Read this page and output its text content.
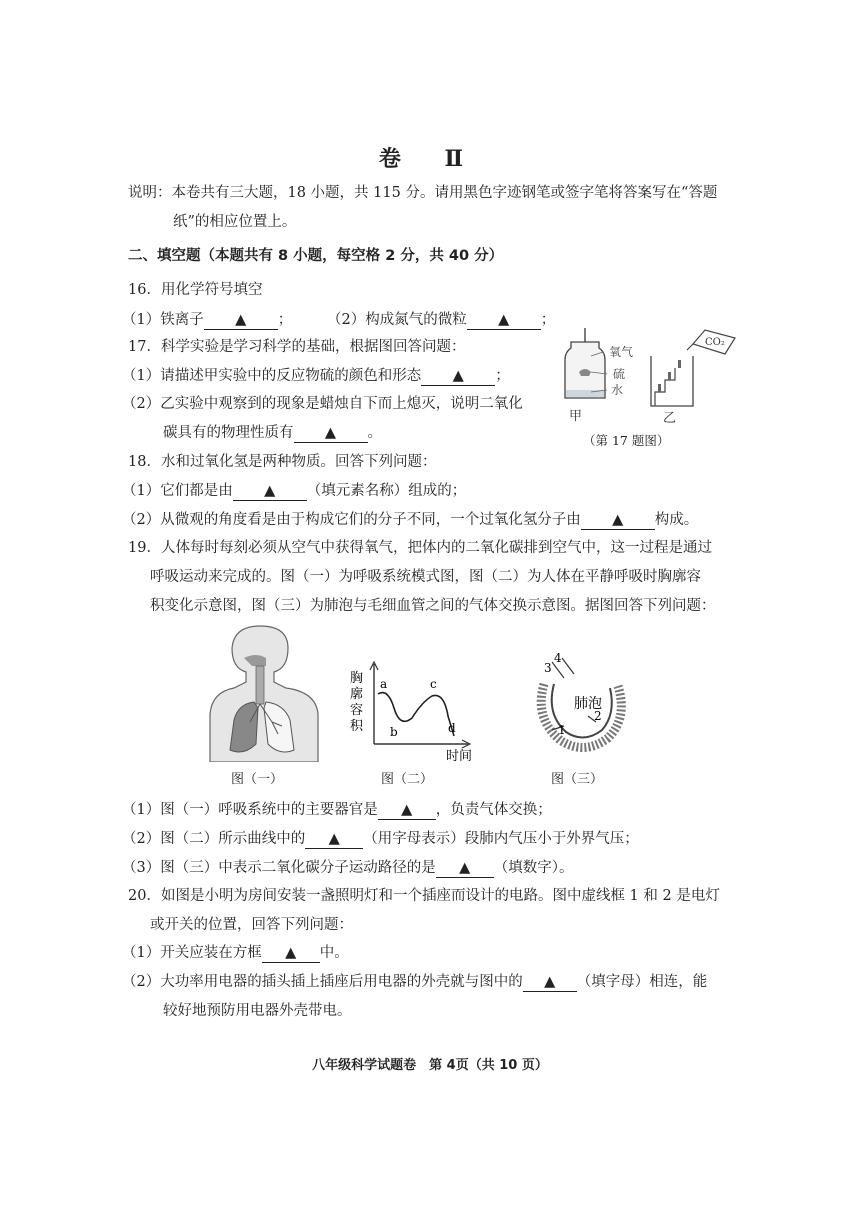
卷 Ⅱ
说明：本卷共有三大题，18 小题，共 115 分。请用黑色字迹钢笔或签字笔将答案写在“答题
纸”的相应位置上。
二、填空题（本题共有 8 小题，每空格 2 分，共 40 分）
16．用化学符号填空
（1）铁离子 ▲ ； （2）构成氮气的微粒 ▲ ；
17．科学实验是学习科学的基础，根据图回答问题：
（1）请描述甲实验中的反应物硫的颜色和形态 ▲ ；
（2）乙实验中观察到的现象是蜡烛自下而上熄灭，说明二氧化
碳具有的物理性质有 ▲ 。
氧气
硫
水
甲
CO₂
乙
（第 17 题图）
18．水和过氧化氢是两种物质。回答下列问题：
（1）它们都是由 ▲ （填元素名称）组成的；
（2）从微观的角度看是由于构成它们的分子不同，一个过氧化氢分子由 ▲ 构成。
19．人体每时每刻必须从空气中获得氧气，把体内的二氧化碳排到空气中，这一过程是通过
呼吸运动来完成的。图（一）为呼吸系统模式图，图（二）为人体在平静呼吸时胸廓容
积变化示意图，图（三）为肺泡与毛细血管之间的气体交换示意图。据图回答下列问题：
图（一）
胸
廓
容
积
a
b
c
d
时间
图（二）
肺泡
1
2
3
4
图（三）
（1）图（一）呼吸系统中的主要器官是 ▲ ，负责气体交换；
（2）图（二）所示曲线中的 ▲ （用字母表示）段肺内气压小于外界气压；
（3）图（三）中表示二氧化碳分子运动路径的是 ▲ （填数字）。
20．如图是小明为房间安装一盏照明灯和一个插座而设计的电路。图中虚线框 1 和 2 是电灯
或开关的位置，回答下列问题：
（1）开关应装在方框 ▲ 中。
（2）大功率用电器的插头插上插座后用电器的外壳就与图中的 ▲ （填字母）相连，能
较好地预防用电器外壳带电。
八年级科学试题卷　第 4页（共 10 页）
